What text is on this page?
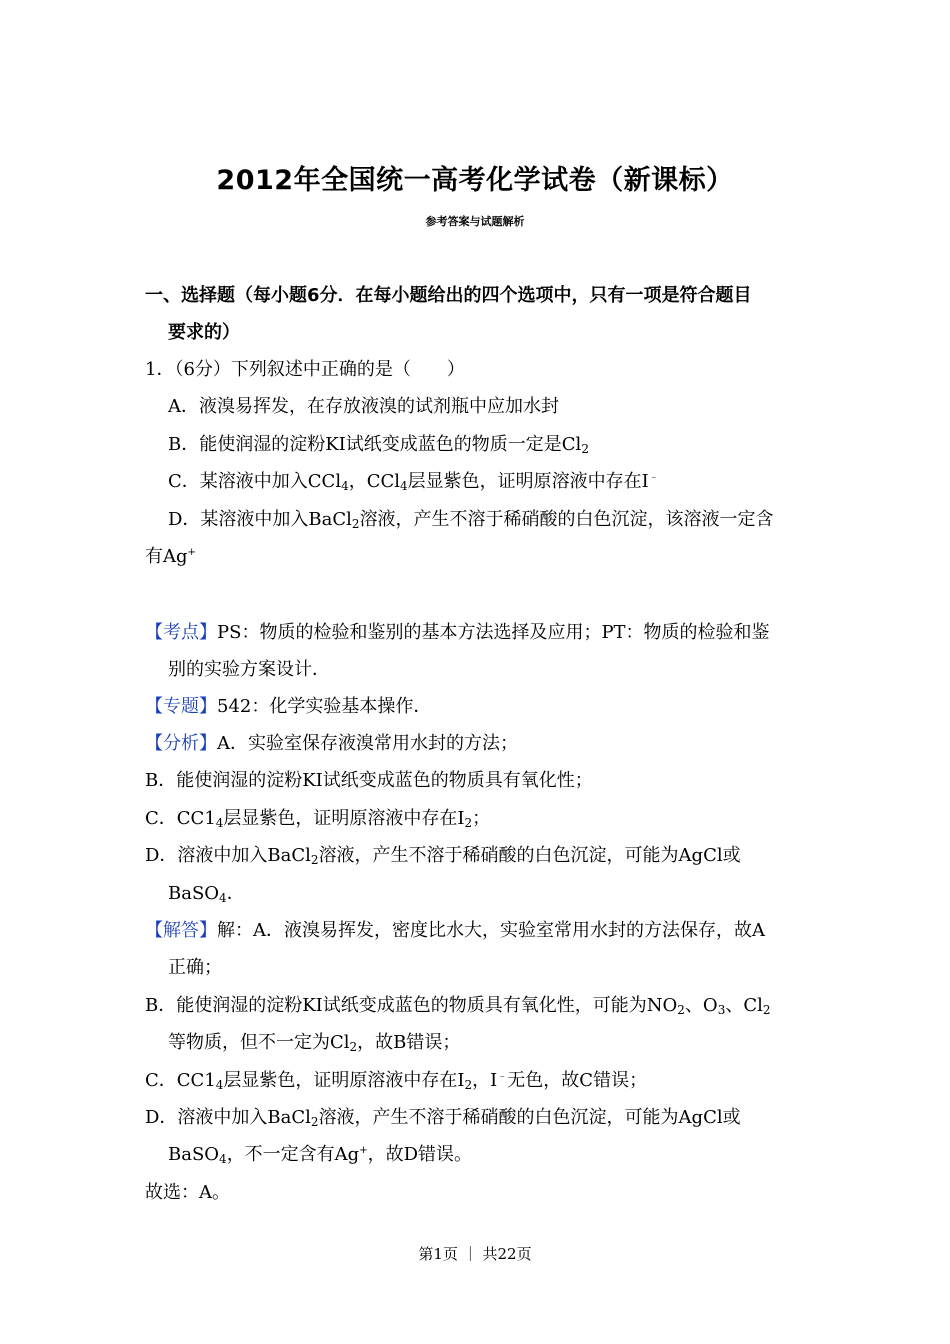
2012年全国统一高考化学试卷（新课标）
参考答案与试题解析
一、选择题（每小题6分．在每小题给出的四个选项中，只有一项是符合题目
要求的）
1．（6分）下列叙述中正确的是（　　）
A．液溴易挥发，在存放液溴的试剂瓶中应加水封
B．能使润湿的淀粉KI试纸变成蓝色的物质一定是$Cl_2$
C．某溶液中加入CCl$_4$，CCl$_4$层显紫色，证明原溶液中存在I﹣
D．某溶液中加入BaCl$_2$溶液，产生不溶于稀硝酸的白色沉淀，该溶液一定含
有Ag+
【考点】PS：物质的检验和鉴别的基本方法选择及应用；PT：物质的检验和鉴
别的实验方案设计．
【专题】542：化学实验基本操作．
【分析】A．实验室保存液溴常用水封的方法；
B．能使润湿的淀粉KI试纸变成蓝色的物质具有氧化性；
C．$CC1_4$层显紫色，证明原溶液中存在$I_2$；
D．溶液中加入BaCl$_2$溶液，产生不溶于稀硝酸的白色沉淀，可能为AgCl或
BaSO$_4$．
【解答】解：A．液溴易挥发，密度比水大，实验室常用水封的方法保存，故A
正确；
B．能使润湿的淀粉KI试纸变成蓝色的物质具有氧化性，可能为$NO_2$、$O_3$、$Cl_2$
等物质，但不一定为$Cl_2$，故B错误；
C．$CC1_4$层显紫色，证明原溶液中存在$I_2$，I﹣无色，故C错误；
D．溶液中加入BaCl$_2$溶液，产生不溶于稀硝酸的白色沉淀，可能为AgCl或
BaSO$_4$，不一定含有Ag+，故D错误。
故选：A。
第1页 ｜ 共22页
